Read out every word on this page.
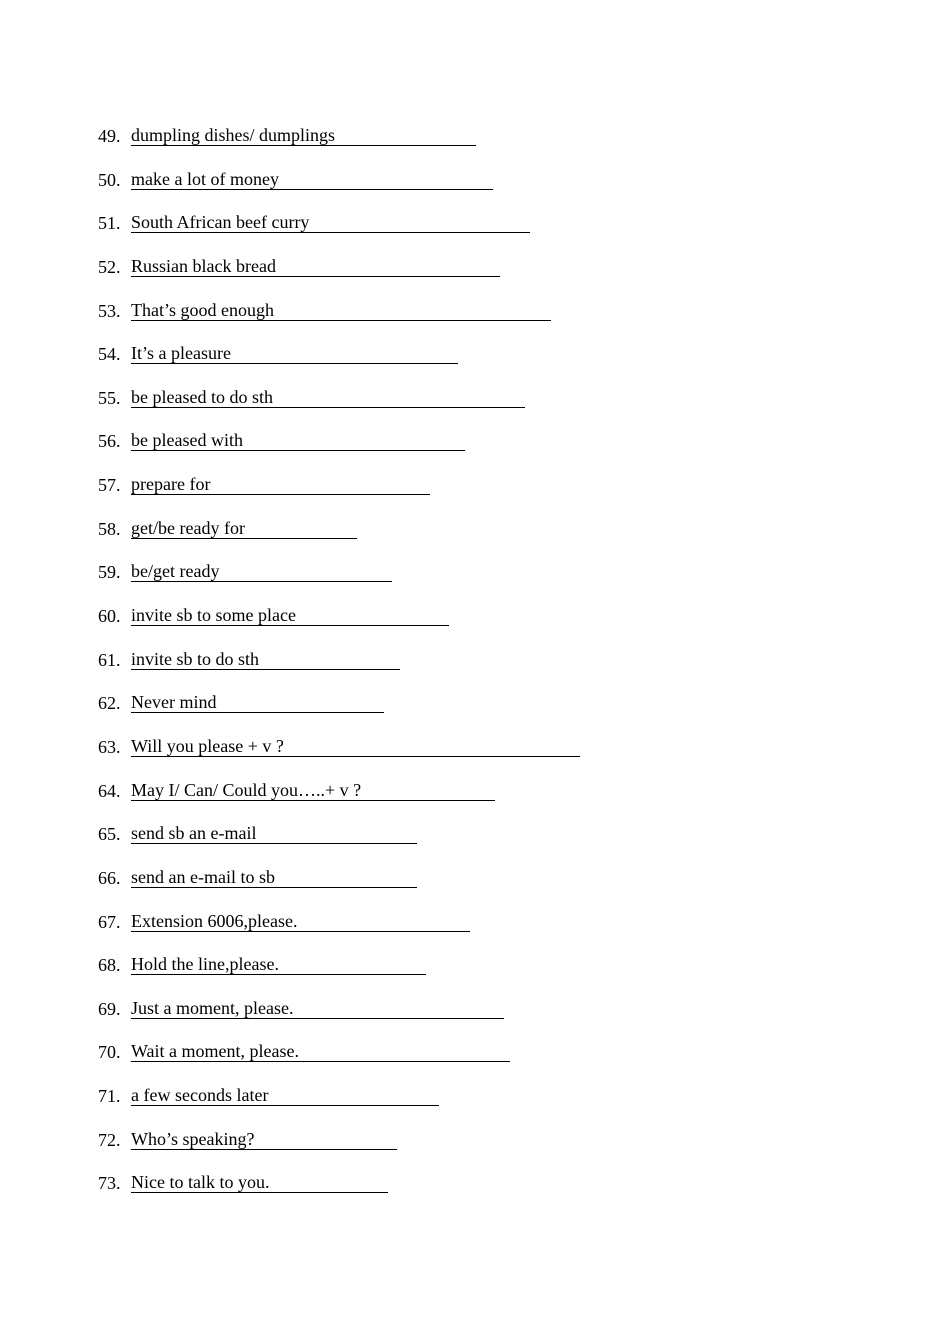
49. dumpling dishes/ dumplings
50. make a lot of money
51. South African beef curry
52. Russian black bread
53. That’s good enough
54. It’s a pleasure
55. be pleased to do sth
56. be pleased with
57. prepare for
58. get/be ready for
59. be/get ready
60. invite sb to some place
61. invite sb to do sth
62. Never mind
63. Will you please + v ?
64. May I/ Can/ Could you…..+ v ?
65. send sb an e-mail
66. send an e-mail to sb
67. Extension 6006,please.
68. Hold the line,please.
69. Just a moment, please.
70. Wait a moment, please.
71. a few seconds later
72. Who’s speaking?
73. Nice to talk to you.
